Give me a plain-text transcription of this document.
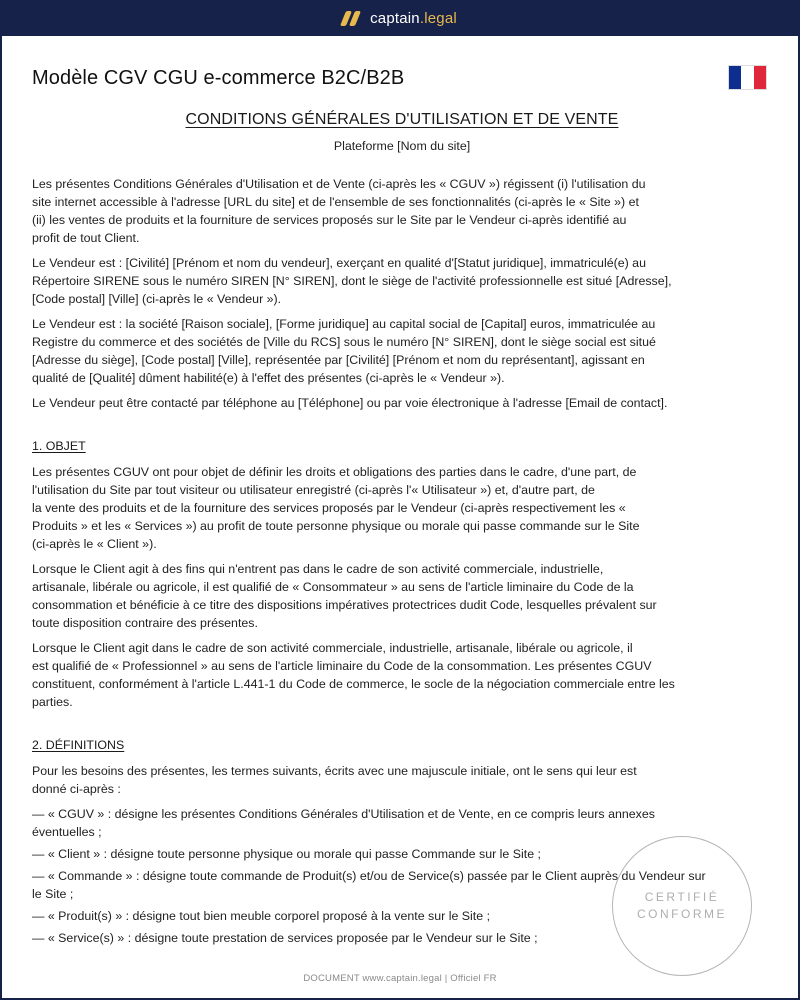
captain.legal
Modèle CGV CGU e-commerce B2C/B2B
CONDITIONS GÉNÉRALES D'UTILISATION ET DE VENTE
Plateforme [Nom du site]

Les présentes Conditions Générales d'Utilisation et de Vente (ci-après les « CGUV ») régissent (i) l'utilisation du
site internet accessible à l'adresse [URL du site] et de l'ensemble de ses fonctionnalités (ci-après le « Site ») et
(ii) les ventes de produits et la fourniture de services proposés sur le Site par le Vendeur ci-après identifié au
profit de tout Client.

Le Vendeur est : [Civilité] [Prénom et nom du vendeur], exerçant en qualité d'[Statut juridique], immatriculé(e) au
Répertoire SIRENE sous le numéro SIREN [N° SIREN], dont le siège de l'activité professionnelle est situé [Adresse],
[Code postal] [Ville] (ci-après le « Vendeur »).

Le Vendeur est : la société [Raison sociale], [Forme juridique] au capital social de [Capital] euros, immatriculée au
Registre du commerce et des sociétés de [Ville du RCS] sous le numéro [N° SIREN], dont le siège social est situé
[Adresse du siège], [Code postal] [Ville], représentée par [Civilité] [Prénom et nom du représentant], agissant en
qualité de [Qualité] dûment habilité(e) à l'effet des présentes (ci-après le « Vendeur »).

Le Vendeur peut être contacté par téléphone au [Téléphone] ou par voie électronique à l'adresse [Email de contact].

1. OBJET

Les présentes CGUV ont pour objet de définir les droits et obligations des parties dans le cadre, d'une part, de
l'utilisation du Site par tout visiteur ou utilisateur enregistré (ci-après l'« Utilisateur ») et, d'autre part, de
la vente des produits et de la fourniture des services proposés par le Vendeur (ci-après respectivement les «
Produits » et les « Services ») au profit de toute personne physique ou morale qui passe commande sur le Site
(ci-après le « Client »).

Lorsque le Client agit à des fins qui n'entrent pas dans le cadre de son activité commerciale, industrielle,
artisanale, libérale ou agricole, il est qualifié de « Consommateur » au sens de l'article liminaire du Code de la
consommation et bénéficie à ce titre des dispositions impératives protectrices dudit Code, lesquelles prévalent sur
toute disposition contraire des présentes.

Lorsque le Client agit dans le cadre de son activité commerciale, industrielle, artisanale, libérale ou agricole, il
est qualifié de « Professionnel » au sens de l'article liminaire du Code de la consommation. Les présentes CGUV
constituent, conformément à l'article L.441-1 du Code de commerce, le socle de la négociation commerciale entre les
parties.

2. DÉFINITIONS

Pour les besoins des présentes, les termes suivants, écrits avec une majuscule initiale, ont le sens qui leur est
donné ci-après :

— « CGUV » : désigne les présentes Conditions Générales d'Utilisation et de Vente, en ce compris leurs annexes
éventuelles ;

— « Client » : désigne toute personne physique ou morale qui passe Commande sur le Site ;

— « Commande » : désigne toute commande de Produit(s) et/ou de Service(s) passée par le Client auprès du Vendeur sur
le Site ;

— « Produit(s) » : désigne tout bien meuble corporel proposé à la vente sur le Site ;

— « Service(s) » : désigne toute prestation de services proposée par le Vendeur sur le Site ;

CERTIFIÉ
CONFORME
DOCUMENT www.captain.legal | Officiel FR
